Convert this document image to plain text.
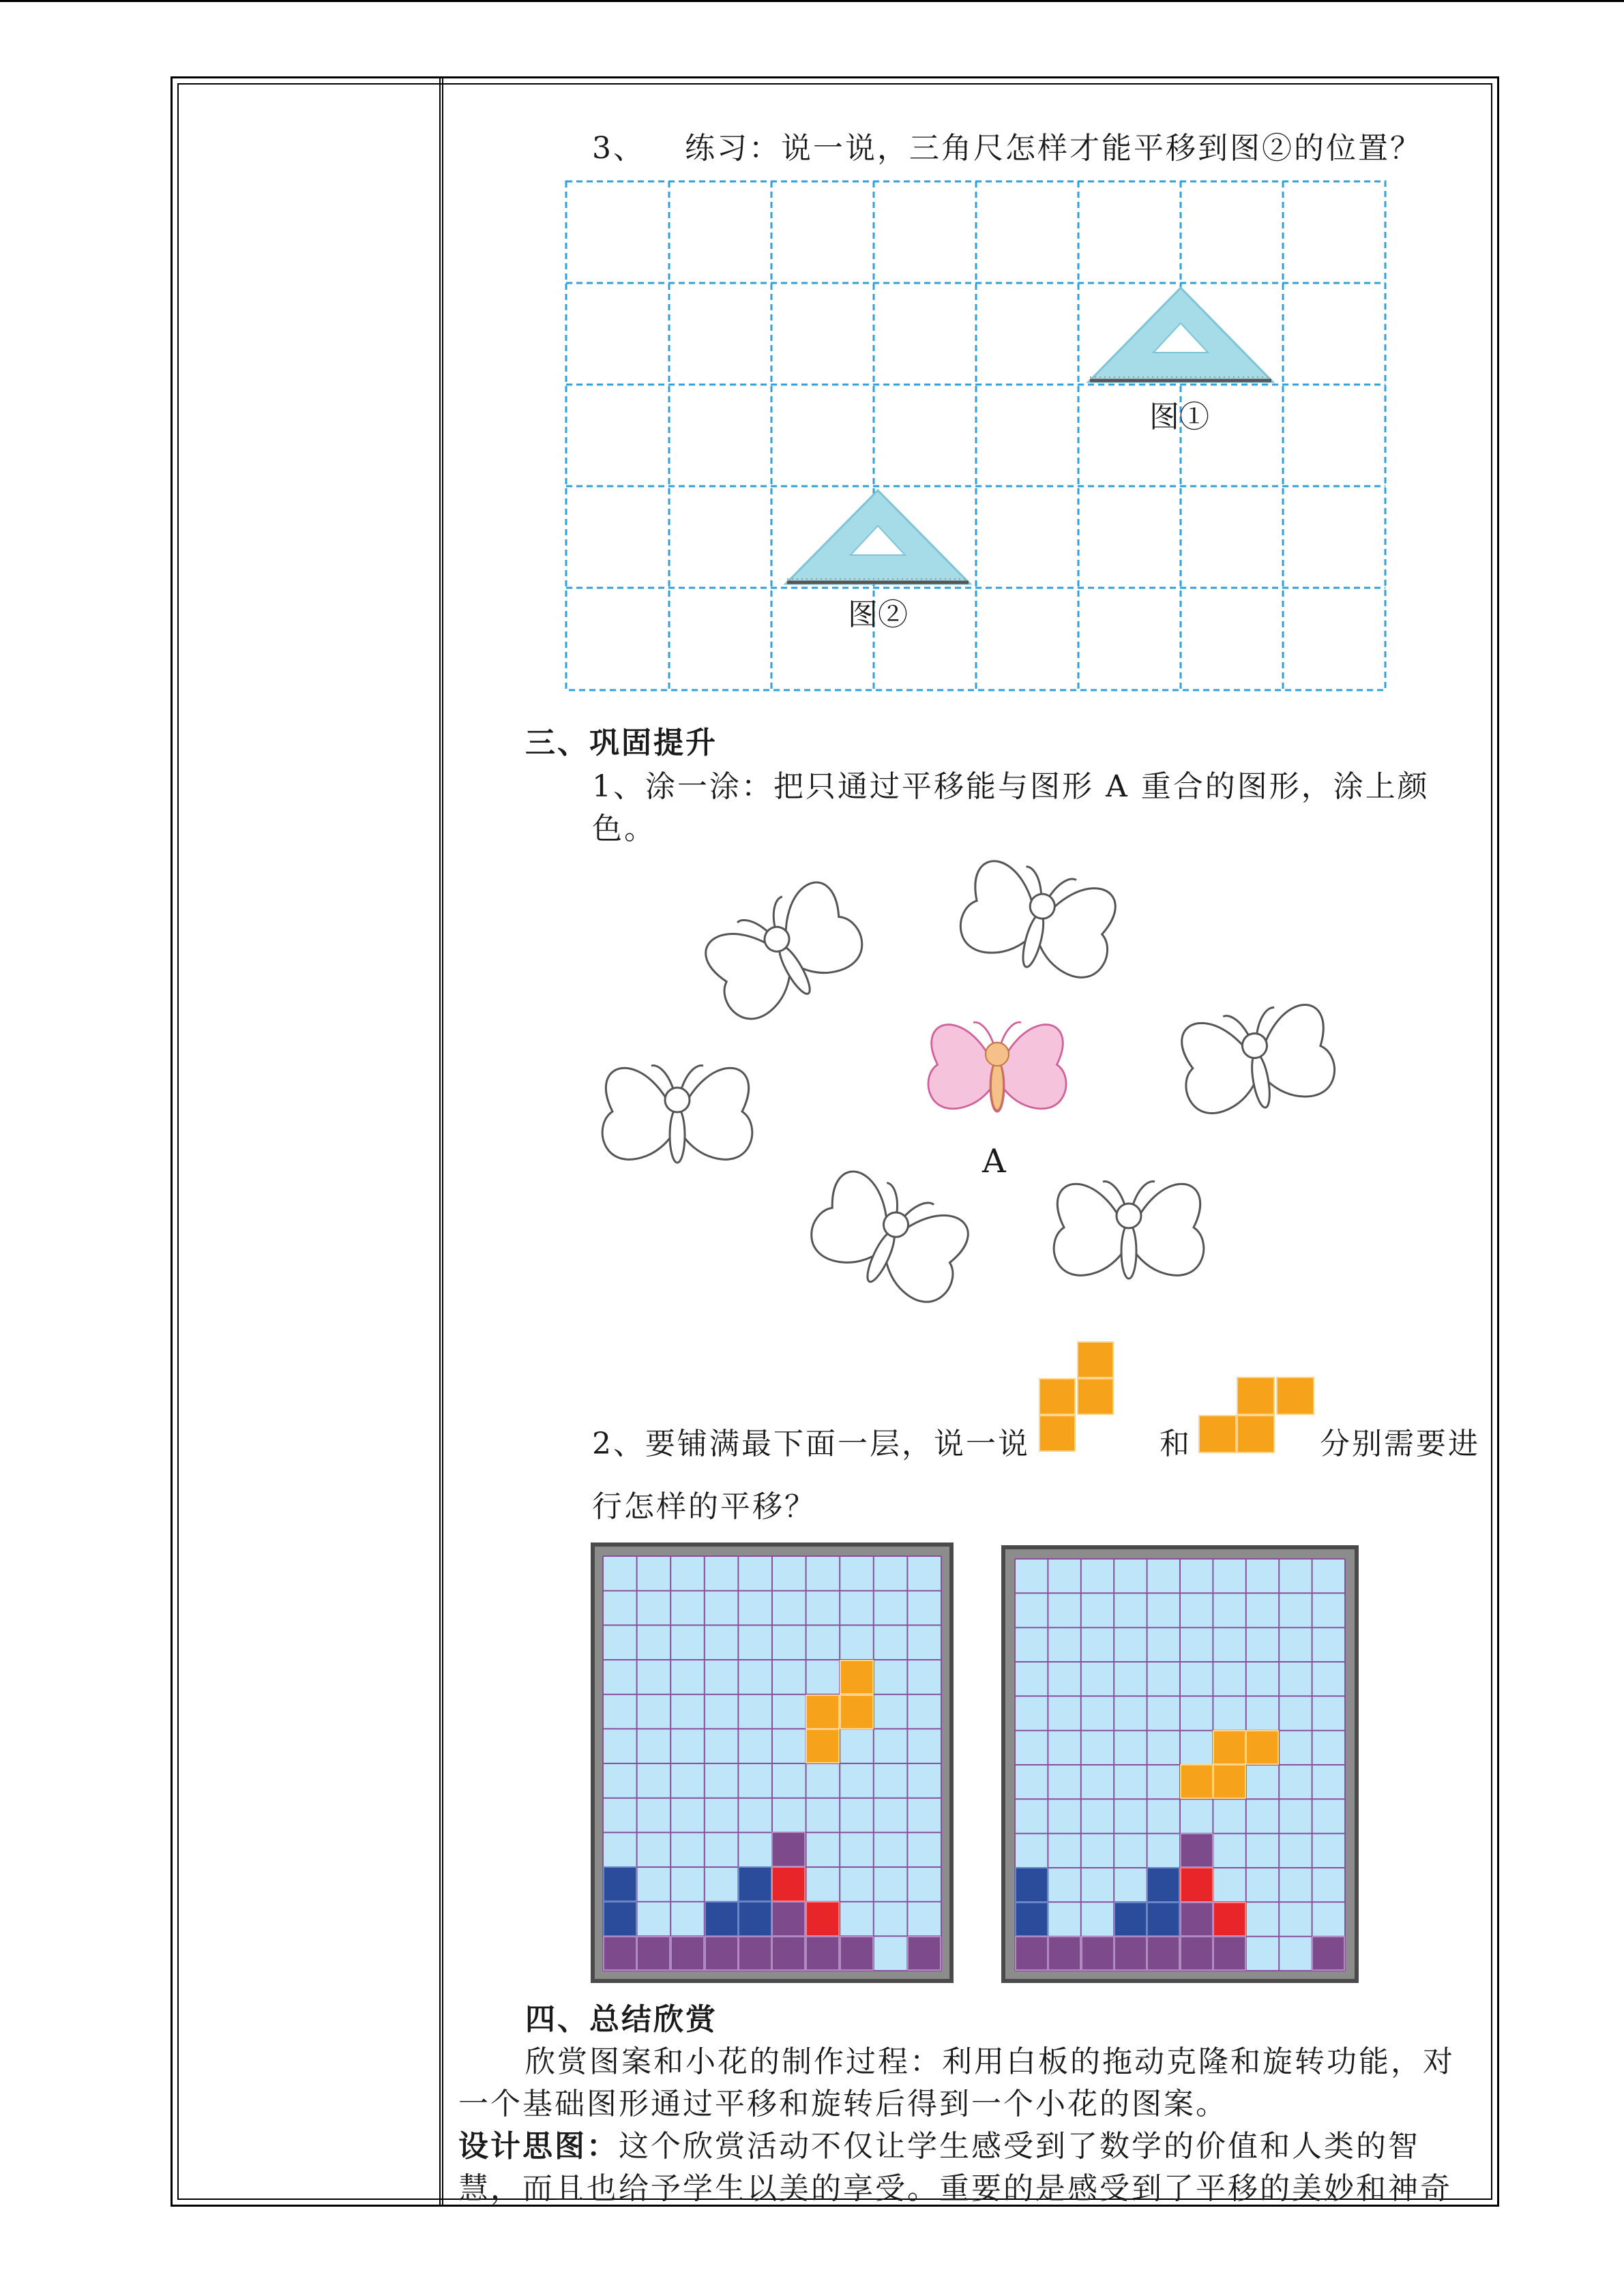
3、 练习：说一说，三角尺怎样才能平移到图②的位置？
图①
图②
三、巩固提升
1、涂一涂：把只通过平移能与图形 A 重合的图形，涂上颜
色。
A
2、要铺满最下面一层，说一说	和	分别需要进
行怎样的平移？
四、总结欣赏
欣赏图案和小花的制作过程：利用白板的拖动克隆和旋转功能，对
一个基础图形通过平移和旋转后得到一个小花的图案。
设计思图：这个欣赏活动不仅让学生感受到了数学的价值和人类的智
慧，而且也给予学生以美的享受。重要的是感受到了平移的美妙和神奇
